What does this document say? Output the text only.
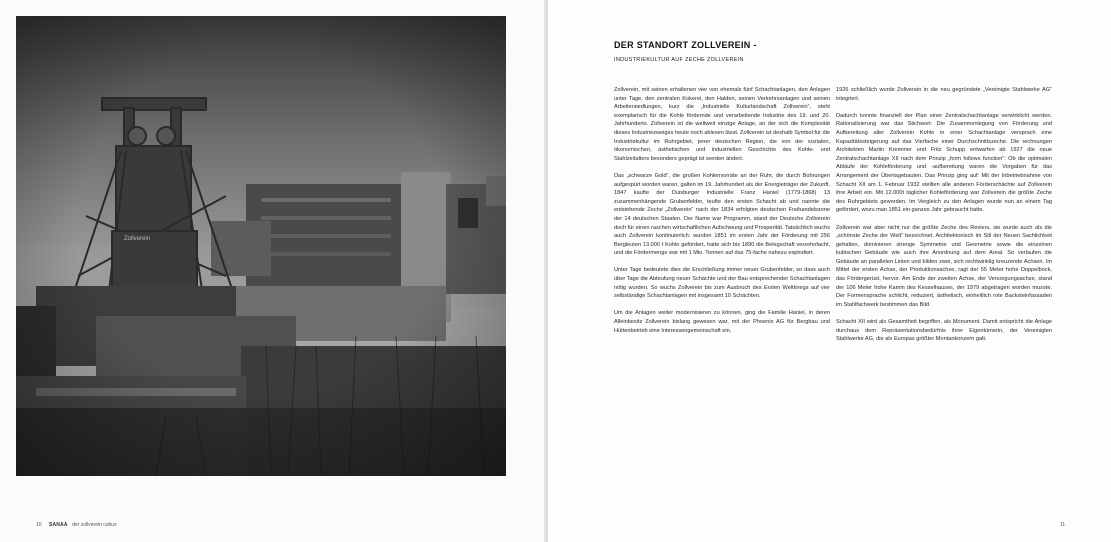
10 SANAA der zollverein cubus
DER STANDORT ZOLLVEREIN -
INDUSTRIEKULTUR AUF ZECHE ZOLLVEREIN

Zollverein, mit seinen erhaltenen vier von ehemals fünf Schachtanlagen, den Anlagen unter Tage, den zentralen Kokerei, den Halden, seinen Verkehrsanlagen und seinen Arbeitersiedlungen, kurz die „Industrielle Kulturlandschaft Zollverein“, steht exemplarisch für die Kohle fördernde und verarbeitende Industrie des 19. und 20. Jahrhunderts. Zollverein ist die weltweit einzige Anlage, an der sich die Komplexität dieses Industriezweiges heute noch ablesen lässt. Zollverein ist deshalb Symbol für die Industriekultur im Ruhrgebiet, jener deutschen Region, die von der sozialen, ökonomischen, ästhetischen und industriellen Geschichte des Kohle- und Stahlzeitalters besonders geprägt ist werden ändert.

Das „schwarze Gold“, die großen Kohlenvorräte an der Ruhr, die durch Bohrungen aufgespürt worden waren, galten im 19. Jahrhundert als der Energieträger der Zukunft. 1847 kaufte der Duisburger Industrielle Franz Haniel (1779-1868) 13 zusammenhängende Grubenfelder, teufte den ersten Schacht ab und nannte die entstehende Zeche „Zollverein“ nach der 1834 erfolgten deutschen Freihandelszone der 14 deutschen Staaten. Der Name war Programm, stand der Deutsche Zollverein doch für einen raschen wirtschaftlichen Aufschwung und Prosperität. Tatsächlich wuchs auch Zollverein kontinuierlich: wurden 1851 im ersten Jahr der Förderung mit 256 Bergleuten 13.000 t Kohle gefördert, hatte sich bis 1890 die Belegschaft verzehnfacht, und die Fördermenge war mit 1 Mio. Tonnen auf das 75-fache nahezu explodiert.

Unter Tage bedeutete dies die Erschließung immer neuer Grubenfelder, so dass auch über Tage die Abteufung neuer Schächte und der Bau entsprechender Schachtanlagen nötig wurden. So wuchs Zollverein bis zum Ausbruch des Ersten Weltkriegs auf vier selbständige Schachtanlagen mit insgesamt 10 Schächten.

Um die Anlagen weiter modernisieren zu können, ging die Familie Haniel, in deren Alleinbesitz Zollverein bislang gewesen war, mit der Phoenix AG für Bergbau und Hüttenbetrieb eine Interessengemeinschaft ein.

1926 schließlich wurde Zollverein in die neu gegründete „Vereinigte Stahlwerke AG“ integriert.

Dadurch konnte finanziell der Plan einer Zentralschachtanlage verwirklicht werden. Rationalisierung war das Stichwort: Die Zusammenlegung von Förderung und Aufbereitung aller Zollverein Kohle in einer Schachtanlage versprach eine Kapazitätssteigerung auf das Vierfache einer Durchschnittszeche. Die rechnungen Architekten Martin Kremmer und Fritz Schupp entwarfen ab 1927 die neue Zentralschachtanlage XII nach dem Prinzip „form follows function“: Ob die optimalen Abläufe der Kohleförderung und -aufbereitung waren die Vorgaben für das Arrangement der Übertagebauten. Das Prinzip ging auf: Mit der Inbetriebnahme von Schacht XII am 1. Februar 1932 stellten alle anderen Förderschächte auf Zollverein ihre Arbeit ein. Mit 12.000t täglicher Kohleförderung war Zollverein die größte Zeche des Ruhrgebiets geworden. Im Vergleich zu den Anlagen wurde nun an einem Tag gefördert, wozu man 1851 ein ganzes Jahr gebraucht hatte.

Zollverein war aber nicht nur die größte Zeche des Reviers, sie wurde auch als die „schönste Zeche der Welt“ bezeichnet. Architektonisch im Stil der Neuen Sachlichkeit gehalten, dominieren strenge Symmetrie und Geometrie sowie die einzelnen kubischen Gebäude wie auch ihre Anordnung auf dem Areal. So verlaufen die Gebäude an parallelen Linien und bilden zwei, sich rechtwinklig kreuzende Achsen. Im Mittel der ersten Achse, der Produktionsachse, ragt der 55 Meter hohe Doppelbock, das Fördergerüst, hervor. Am Ende der zweiten Achse, der Versorgungsachse, stand der 106 Meter hohe Kamin des Kesselhauses, der 1979 abgetragen worden musste. Der Formensprache schlicht, reduziert, ästhetisch, einheitlich rote Backsteinfassaden im Stahlfachwerk bestimmen das Bild.

Schacht XII wird als Gesamtheit begriffen, als Monument. Damit entspricht die Anlage durchaus dem Repräsentationsbedürfnis ihrer Eigentümerin, der Vereinigten Stahlwerke AG, die als Europas größter Montankonzern galt.

11
